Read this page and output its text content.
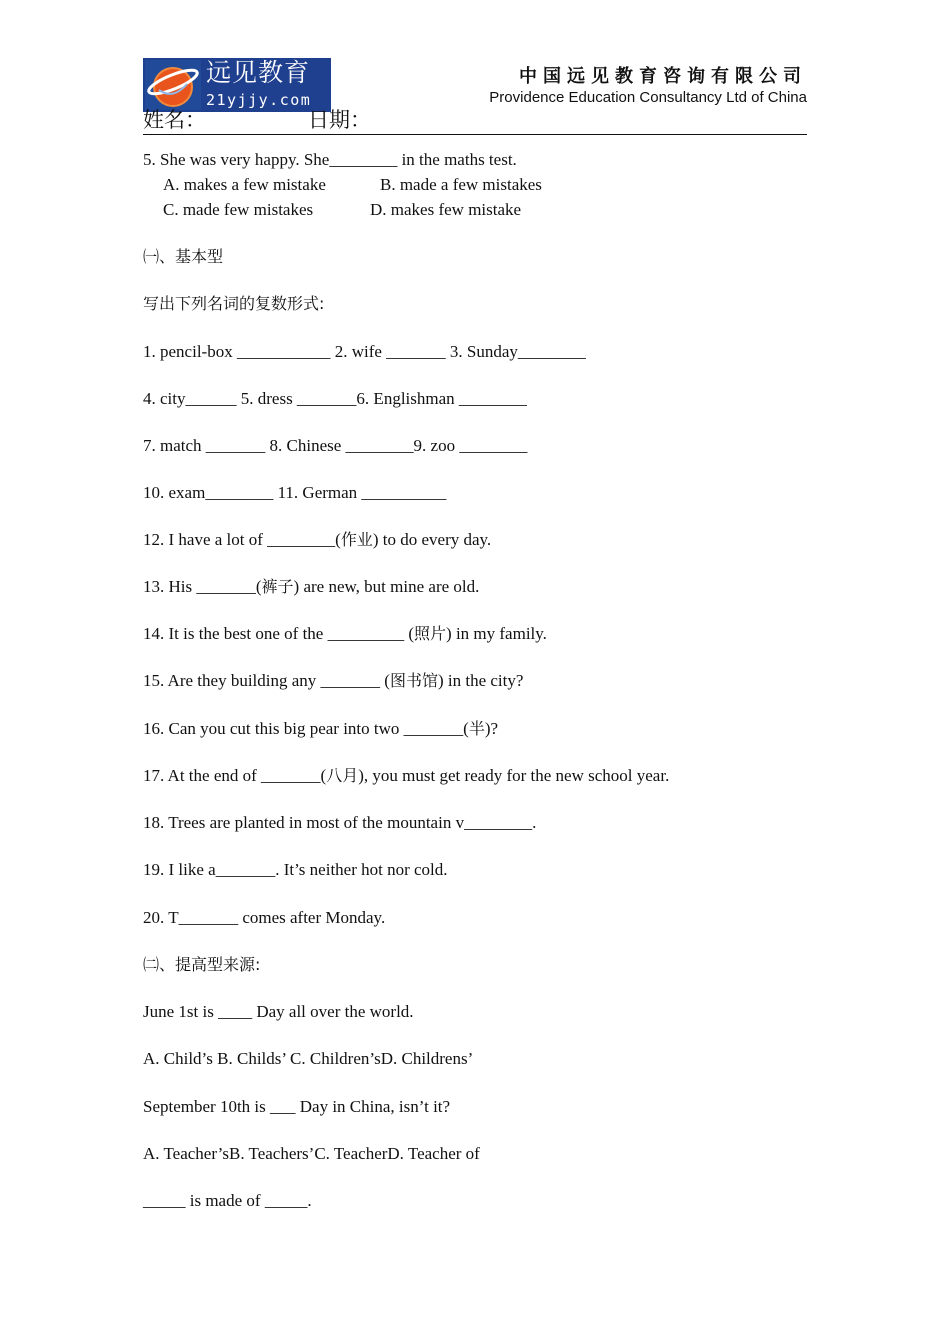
远见教育
21yjjy.com
中国远见教育咨询有限公司
Providence Education Consultancy Ltd of China
姓名：	日期：
5. She was very happy. She________ in the maths test.
A. makes a few mistake	B. made a few mistakes
C. made few mistakes	D. makes few mistake
㈠、基本型
写出下列名词的复数形式:
1. pencil-box ___________ 2. wife _______ 3. Sunday________
4. city______ 5. dress _______6. Englishman ________
7. match _______ 8. Chinese ________9. zoo ________
10. exam________ 11. German __________
12. I have a lot of ________(作业) to do every day.
13. His _______(裤子) are new, but mine are old.
14. It is the best one of the _________ (照片) in my family.
15. Are they building any _______ (图书馆) in the city?
16. Can you cut this big pear into two _______(半)?
17. At the end of _______(八月), you must get ready for the new school year.
18. Trees are planted in most of the mountain v________.
19. I like a_______. It’s neither hot nor cold.
20. T_______ comes after Monday.
㈡、提高型来源:
June 1st is ____ Day all over the world.
A. Child’s B. Childs’ C. Children’sD. Childrens’
September 10th is ___ Day in China, isn’t it?
A. Teacher’sB. Teachers’C. TeacherD. Teacher of
_____ is made of _____.
